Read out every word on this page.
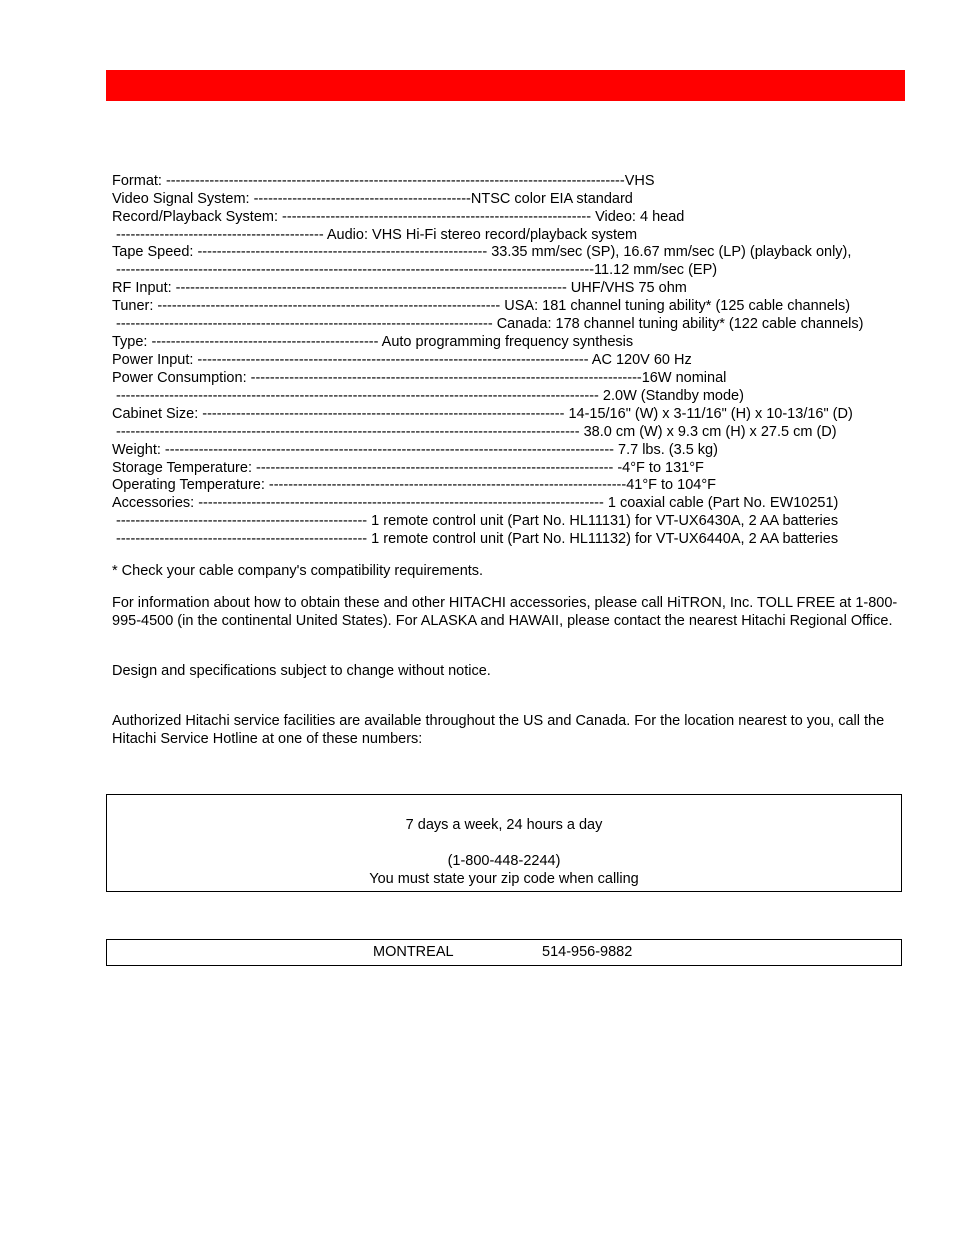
Format: -----------------------------------------------------------------------------------------------VHS
Video Signal System: ---------------------------------------------NTSC color EIA standard
Record/Playback System: ---------------------------------------------------------------- Video: 4 head
------------------------------------------- Audio: VHS Hi-Fi stereo record/playback system
Tape Speed: ------------------------------------------------------------ 33.35 mm/sec (SP), 16.67 mm/sec (LP) (playback only),
---------------------------------------------------------------------------------------------------11.12 mm/sec (EP)
RF Input: --------------------------------------------------------------------------------- UHF/VHS 75 ohm
Tuner: ----------------------------------------------------------------------- USA: 181 channel tuning ability* (125 cable channels)
------------------------------------------------------------------------------ Canada: 178 channel tuning ability* (122 cable channels)
Type: ----------------------------------------------- Auto programming frequency synthesis
Power Input: --------------------------------------------------------------------------------- AC 120V 60 Hz
Power Consumption: ---------------------------------------------------------------------------------16W nominal
---------------------------------------------------------------------------------------------------- 2.0W (Standby mode)
Cabinet Size: --------------------------------------------------------------------------- 14-15/16" (W) x 3-11/16" (H) x 10-13/16" (D)
------------------------------------------------------------------------------------------------ 38.0 cm (W) x 9.3 cm (H) x 27.5 cm (D)
Weight: --------------------------------------------------------------------------------------------- 7.7 lbs. (3.5 kg)
Storage Temperature: -------------------------------------------------------------------------- -4°F to 131°F
Operating Temperature: --------------------------------------------------------------------------41°F to 104°F
Accessories: ------------------------------------------------------------------------------------ 1 coaxial cable (Part No. EW10251)
---------------------------------------------------- 1 remote control unit (Part No. HL11131) for VT-UX6430A, 2 AA batteries
---------------------------------------------------- 1 remote control unit (Part No. HL11132) for VT-UX6440A, 2 AA batteries
* Check your cable company's compatibility requirements.
For information about how to obtain these and other HITACHI accessories, please call HiTRON, Inc. TOLL FREE at 1-800-995-4500 (in the continental United States). For ALASKA and HAWAII, please contact the nearest Hitachi Regional Office.
Design and specifications subject to change without notice.
Authorized Hitachi service facilities are available throughout the US and Canada. For the location nearest to you, call the Hitachi Service Hotline at one of these numbers:
7 days a week, 24 hours a day
(1-800-448-2244)
You must state your zip code when calling
MONTREAL	514-956-9882
